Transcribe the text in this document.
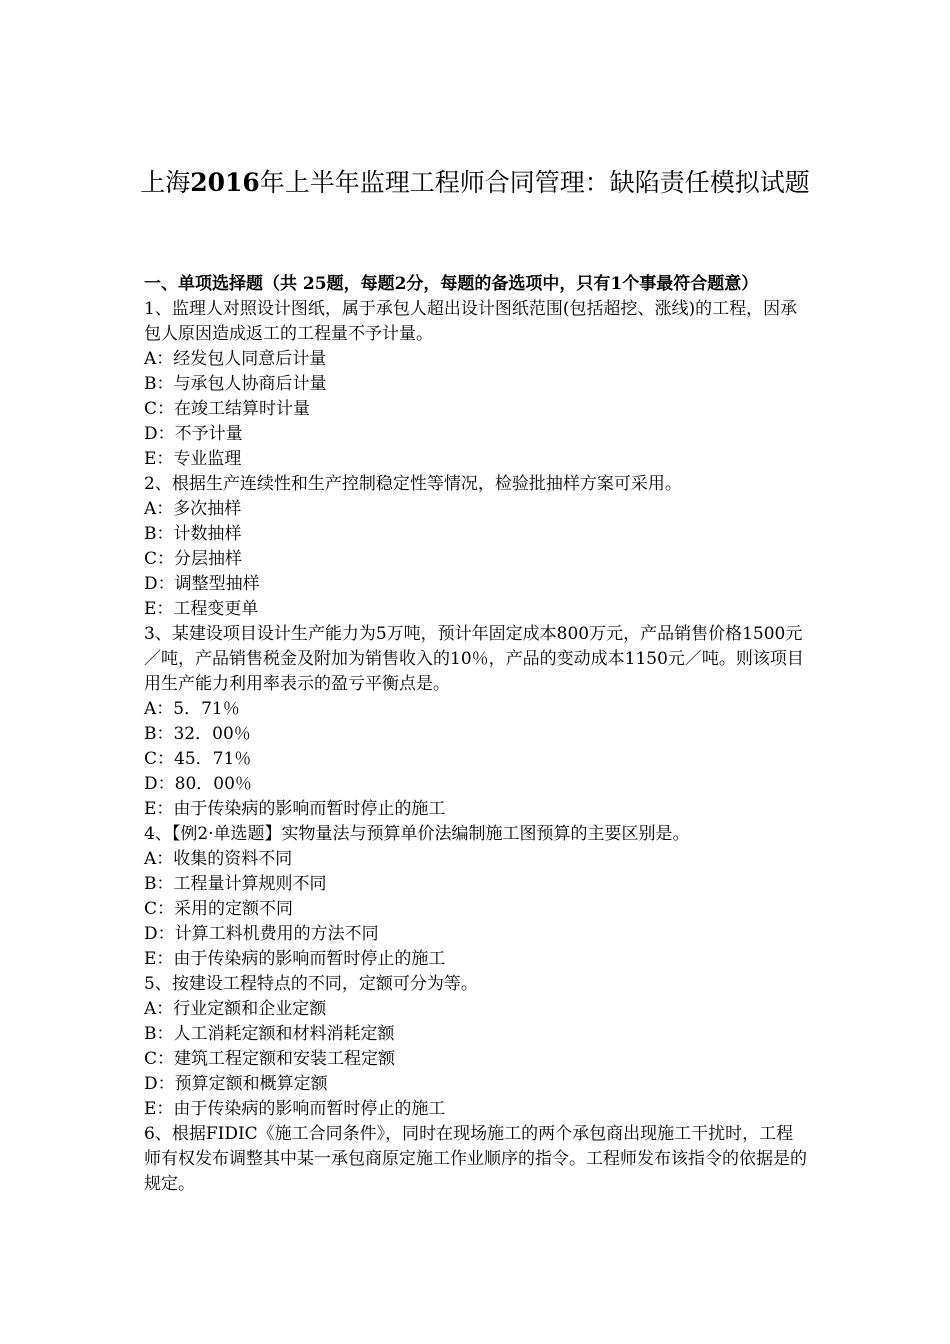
上海2016年上半年监理工程师合同管理：缺陷责任模拟试题

一、单项选择题（共 25题，每题2分，每题的备选项中，只有1个事最符合题意）

1、监理人对照设计图纸，属于承包人超出设计图纸范围(包括超挖、涨线)的工程，因承包人原因造成返工的工程量不予计量。

A：经发包人同意后计量

B：与承包人协商后计量

C：在竣工结算时计量

D：不予计量

E：专业监理

2、根据生产连续性和生产控制稳定性等情况，检验批抽样方案可采用。

A：多次抽样

B：计数抽样

C：分层抽样

D：调整型抽样

E：工程变更单

3、某建设项目设计生产能力为5万吨，预计年固定成本800万元，产品销售价格1500元／吨，产品销售税金及附加为销售收入的10％，产品的变动成本1150元／吨。则该项目用生产能力利用率表示的盈亏平衡点是。

A：5．71％

B：32．00％

C：45．71％

D：80．00％

E：由于传染病的影响而暂时停止的施工

4、【例2·单选题】实物量法与预算单价法编制施工图预算的主要区别是。

A：收集的资料不同

B：工程量计算规则不同

C：采用的定额不同

D：计算工料机费用的方法不同

E：由于传染病的影响而暂时停止的施工

5、按建设工程特点的不同，定额可分为等。

A：行业定额和企业定额

B：人工消耗定额和材料消耗定额

C：建筑工程定额和安装工程定额

D：预算定额和概算定额

E：由于传染病的影响而暂时停止的施工

6、根据FIDIC《施工合同条件》，同时在现场施工的两个承包商出现施工干扰时，工程师有权发布调整其中某一承包商原定施工作业顺序的指令。工程师发布该指令的依据是的规定。
